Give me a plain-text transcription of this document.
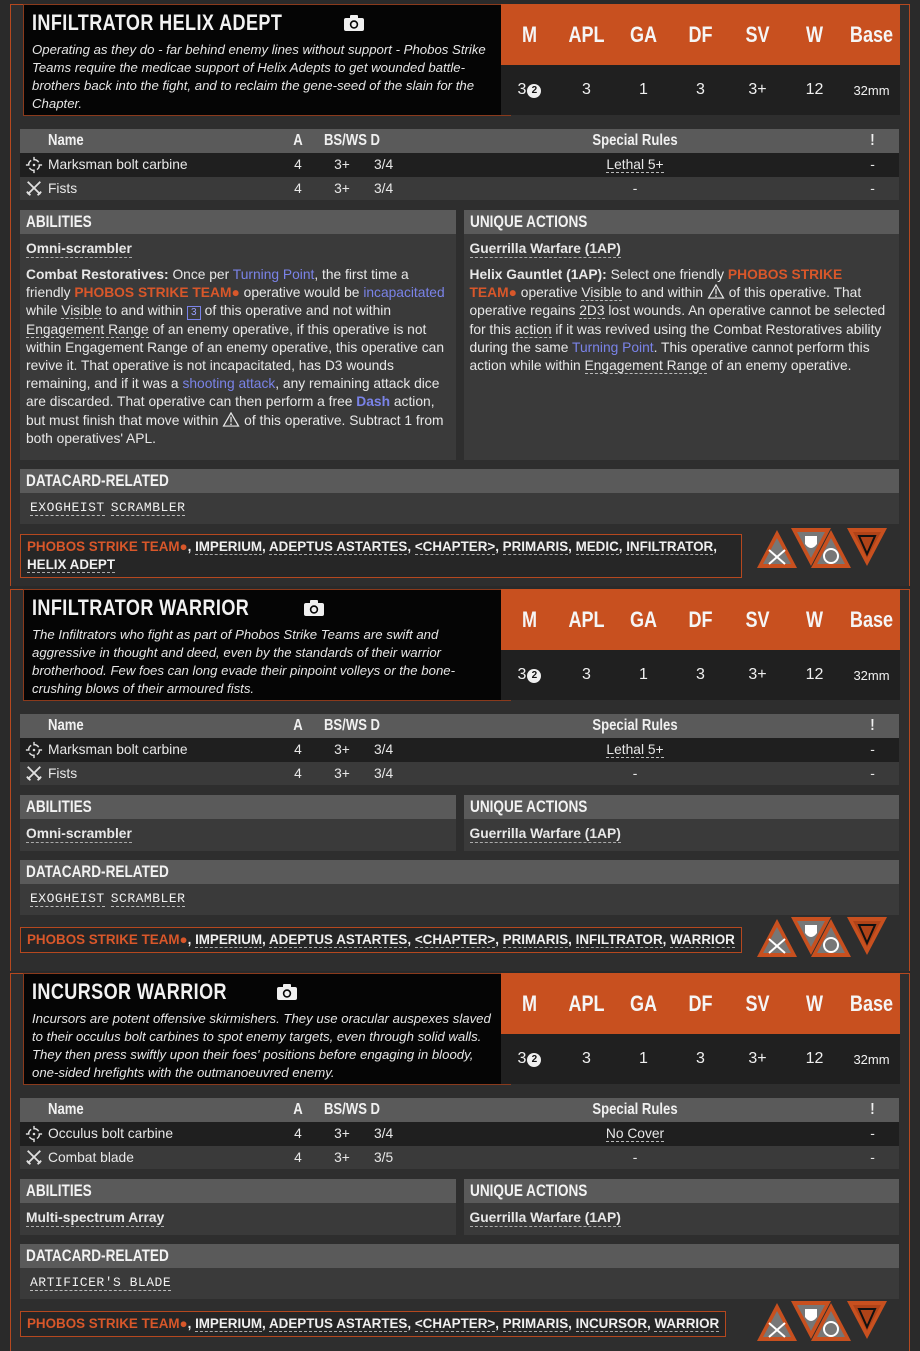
INFILTRATOR HELIX ADEPT
Operating as they do - far behind enemy lines without support - Phobos Strike Teams require the medicae support of Helix Adepts to get wounded battle-brothers back into the fight, and to reclaim the gene-seed of the slain for the Chapter.
M	APL	GA	DF	SV	W	Base
3 2	3	1	3	3+	12	32mm
Name	A	BS/WS D	Special Rules	!
Marksman bolt carbine	4	3+	3/4	Lethal 5+	-
Fists	4	3+	3/4	-	-
ABILITIES
Omni-scrambler

Combat Restoratives: Once per Turning Point, the first time a friendly PHOBOS STRIKE TEAM● operative would be incapacitated while Visible to and within 3 of this operative and not within Engagement Range of an enemy operative, if this operative is not within Engagement Range of an enemy operative, this operative can revive it. That operative is not incapacitated, has D3 wounds remaining, and if it was a shooting attack, any remaining attack dice are discarded. That operative can then perform a free Dash action, but must finish that move within  of this operative. Subtract 1 from both operatives' APL.

UNIQUE ACTIONS
Guerrilla Warfare (1AP)

Helix Gauntlet (1AP): Select one friendly PHOBOS STRIKE TEAM● operative Visible to and within  of this operative. That operative regains 2D3 lost wounds. An operative cannot be selected for this action if it was revived using the Combat Restoratives ability during the same Turning Point. This operative cannot perform this action while within Engagement Range of an enemy operative.

DATACARD-RELATED
EXOGHEIST SCRAMBLER
PHOBOS STRIKE TEAM●, IMPERIUM, ADEPTUS ASTARTES, <CHAPTER>, PRIMARIS, MEDIC, INFILTRATOR,
HELIX ADEPT
INFILTRATOR WARRIOR
The Infiltrators who fight as part of Phobos Strike Teams are swift and aggressive in thought and deed, even by the standards of their warrior brotherhood. Few foes can long evade their pinpoint volleys or the bone-crushing blows of their armoured fists.
M	APL	GA	DF	SV	W	Base
3 2	3	1	3	3+	12	32mm
Name	A	BS/WS D	Special Rules	!
Marksman bolt carbine	4	3+	3/4	Lethal 5+	-
Fists	4	3+	3/4	-	-
ABILITIES
Omni-scrambler
UNIQUE ACTIONS
Guerrilla Warfare (1AP)
DATACARD-RELATED
EXOGHEIST SCRAMBLER
PHOBOS STRIKE TEAM●, IMPERIUM, ADEPTUS ASTARTES, <CHAPTER>, PRIMARIS, INFILTRATOR, WARRIOR
INCURSOR WARRIOR
Incursors are potent offensive skirmishers. They use oracular auspexes slaved to their occulus bolt carbines to spot enemy targets, even through solid walls. They then press swiftly upon their foes' positions before engaging in bloody, one-sided hrefights with the outmanoeuvred enemy.
M	APL	GA	DF	SV	W	Base
3 2	3	1	3	3+	12	32mm
Name	A	BS/WS D	Special Rules	!
Occulus bolt carbine	4	3+	3/4	No Cover	-
Combat blade	4	3+	3/5	-	-
ABILITIES
Multi-spectrum Array
UNIQUE ACTIONS
Guerrilla Warfare (1AP)
DATACARD-RELATED
ARTIFICER'S BLADE
PHOBOS STRIKE TEAM●, IMPERIUM, ADEPTUS ASTARTES, <CHAPTER>, PRIMARIS, INCURSOR, WARRIOR
